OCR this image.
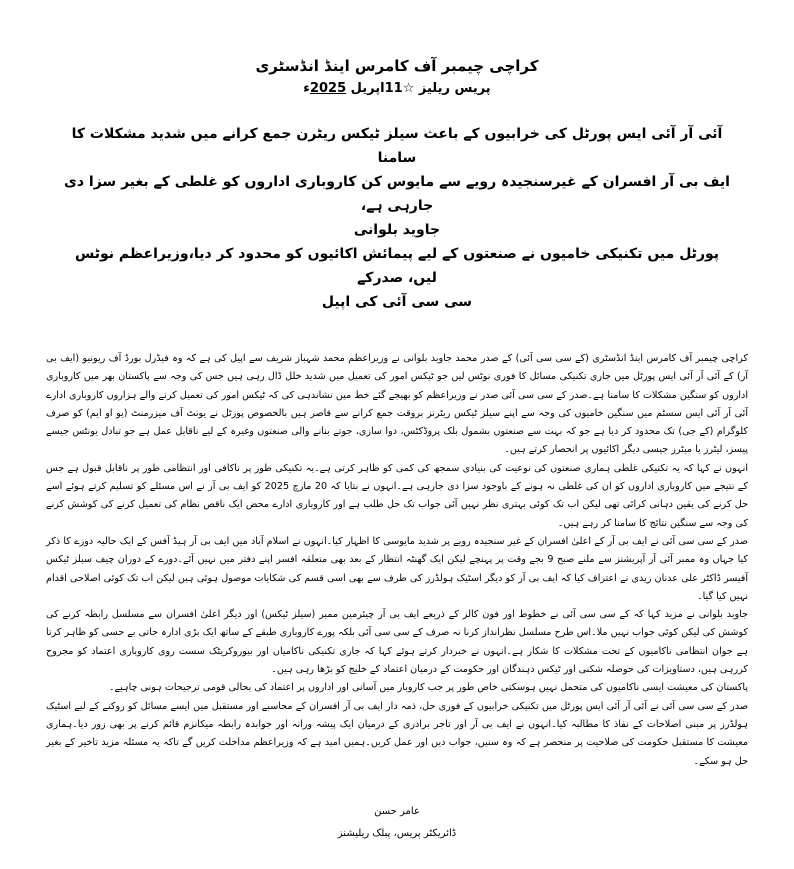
کراچی چیمبر آف کامرس اینڈ انڈسٹری
پریس ریلیز ☆11اپریل 2025ء
آئی آر آئی ایس پورٹل کی خرابیوں کے باعث سیلز ٹیکس ریٹرن جمع کرانے میں شدید مشکلات کا سامنا
ایف بی آر افسران کے غیرسنجیدہ رویے سے مایوس کن کاروباری اداروں کو غلطی کے بغیر سزا دی جارہی ہے،
جاوید بلوانی
پورٹل میں تکنیکی خامیوں نے صنعتوں کے لیے پیمائش اکائیوں کو محدود کر دیا،وزیراعظم نوٹس لیں، صدرکے
سی سی آئی کی اپیل

کراچی چیمبر آف کامرس اینڈ انڈسٹری (کے سی سی آئی) کے صدر محمد جاوید بلوانی نے وزیراعظم محمد شہباز شریف سے اپیل کی ہے کہ وہ فیڈرل بورڈ آف ریونیو (ایف بی آر) کے آئی آر آئی ایس پورٹل میں جاری تکنیکی مسائل کا فوری نوٹس لیں جو ٹیکس امور کی تعمیل میں شدید خلل ڈال رہی ہیں جس کی وجہ سے پاکستان بھر میں کاروباری اداروں کو سنگین مشکلات کا سامنا ہے۔صدر کے سی سی آئی صدر نے وزیراعظم کو بھیجے گئے خط میں نشاندہی کی کہ ٹیکس امور کی تعمیل کرنے والے ہزاروں کاروباری ادارے آئی آر آئی ایس سسٹم میں سنگین خامیوں کی وجہ سے اپنے سیلز ٹیکس ریٹرنز بروقت جمع کرانے سے قاصر ہیں بالخصوص پورٹل نے یونٹ آف میزرمنٹ (یو او ایم) کو صرف کلوگرام (کے جی) تک محدود کر دیا ہے جو کہ بہت سے صنعتوں بشمول بلک پروڈکٹس، دوا سازی، جوتے بنانے والی صنعتوں وغیرہ کے لیے ناقابل عمل ہے جو تبادل یونٹس جیسے پیسز، لیٹرز یا میٹرز جیسی دیگر اکائیوں پر انحصار کرتے ہیں۔

انہوں نے کہا کہ یہ تکنیکی غلطی ہماری صنعتوں کی نوعیت کی بنیادی سمجھ کی کمی کو ظاہر کرتی ہے۔یہ تکنیکی طور پر ناکافی اور انتظامی طور پر ناقابل قبول ہے جس کے نتیجے میں کاروباری اداروں کو ان کی غلطی نہ ہونے کے باوجود سزا دی جارہی ہے۔انہوں نے بتایا کہ 20 مارچ 2025 کو ایف بی آر نے اس مسئلے کو تسلیم کرتے ہوئے اسے حل کرنے کی یقین دہانی کرائی تھی لیکن اب تک کوئی بہتری نظر نہیں آئی جواب تک حل طلب ہے اور کاروباری ادارے محض ایک ناقص نظام کی تعمیل کرنے کی کوشش کرنے کی وجہ سے سنگین نتائج کا سامنا کر رہے ہیں۔

صدر کے سی سی آئی نے ایف بی آر کے اعلیٰ افسران کے غیر سنجیدہ رویے پر شدید مایوسی کا اظہار کیا۔انہوں نے اسلام آباد میں ایف بی آر ہیڈ آفس کے ایک حالیہ دورے کا ذکر کیا جہاں وہ ممبر آئی آر آپریشنز سے ملنے صبح 9 بجے وقت پر پہنچے لیکن ایک گھنٹہ انتظار کے بعد بھی متعلقہ افسر اپنے دفتر میں نہیں آئے۔دورے کے دوران چیف سیلز ٹیکس آفیسر ڈاکٹر علی عدنان زیدی نے اعتراف کیا کہ ایف بی آر کو دیگر اسٹیک ہولڈرز کی طرف سے بھی اسی قسم کی شکایات موصول ہوئی ہیں لیکن اب تک کوئی اصلاحی اقدام نہیں کیا گیا۔

جاوید بلوانی نے مزید کہا کہ کے سی سی آئی نے خطوط اور فون کالز کے ذریعے ایف بی آر چیئرمین ممبر (سیلز ٹیکس) اور دیگر اعلیٰ افسران سے مسلسل رابطہ کرنے کی کوشش کی لیکن کوئی جواب نہیں ملا۔اس طرح مسلسل نظرانداز کرنا نہ صرف کے سی سی آئی بلکہ پورے کاروباری طبقے کے ساتھ ایک بڑی ادارہ جاتی بے حسی کو ظاہر کرتا ہے جوان انتظامی ناکامیوں کے تحت مشکلات کا شکار ہے۔انہوں نے خبردار کرتے ہوئے کہا کہ جاری تکنیکی ناکامیاں اور بیوروکریٹک سست روی کاروباری اعتماد کو مجروح کررہی ہیں، دستاویزات کی حوصلہ شکنی اور ٹیکس دہندگان اور حکومت کے درمیان اعتماد کے خلیج کو بڑھا رہی ہیں۔

پاکستان کی معیشت ایسی ناکامیوں کی متحمل نہیں ہوسکتی خاص طور پر جب کاروبار میں آسانی اور اداروں پر اعتماد کی بحالی قومی ترجیحات ہونی چاہیے۔

صدر کے سی سی آئی نے آئی آر آئی ایس پورٹل میں تکنیکی خرابیوں کے فوری حل، ذمہ دار ایف بی آر افسران کے محاسبے اور مستقبل میں ایسے مسائل کو روکنے کے لیے اسٹیک ہولڈرز پر مبنی اصلاحات کے نفاذ کا مطالبہ کیا۔انہوں نے ایف بی آر اور تاجر برادری کے درمیان ایک پیشہ ورانہ اور جوابدہ رابطہ میکانزم قائم کرنے پر بھی زور دیا۔ہماری معیشت کا مستقبل حکومت کی صلاحیت پر منحصر ہے کہ وہ سنیں، جواب دیں اور عمل کریں۔ہمیں امید ہے کہ وزیراعظم مداخلت کریں گے تاکہ یہ مسئلہ مزید تاخیر کے بغیر حل ہو سکے۔

عامر حسن
ڈائریکٹر پریس، پبلک ریلیشنز
